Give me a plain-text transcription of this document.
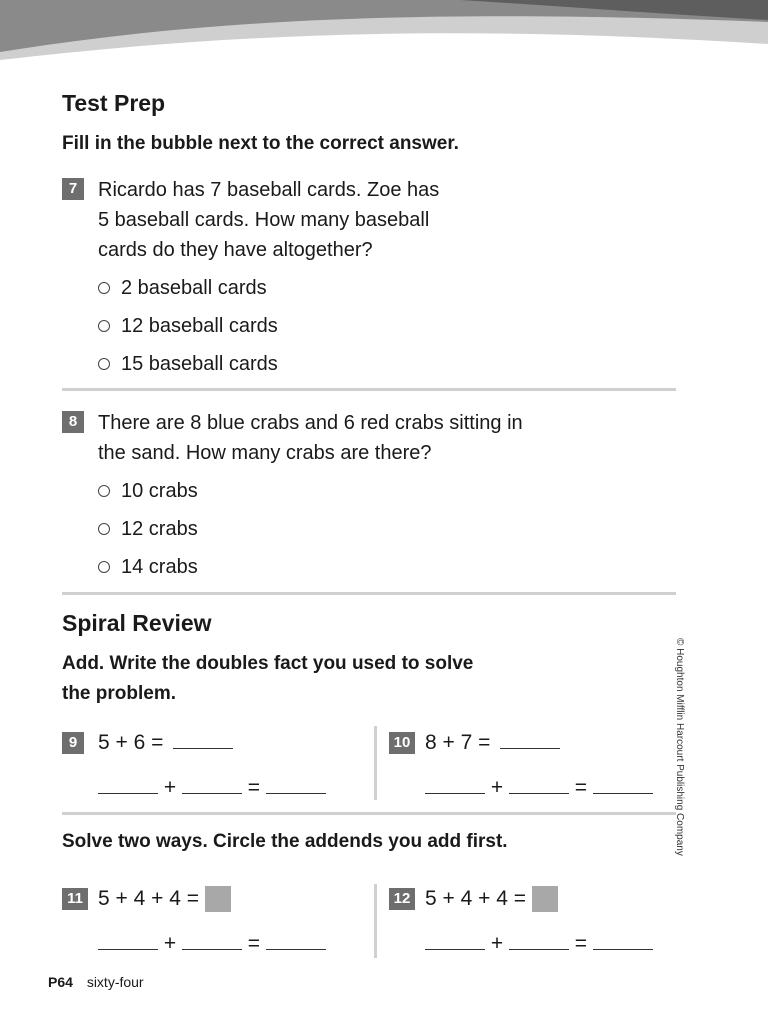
Test Prep
Fill in the bubble next to the correct answer.
7	Ricardo has 7 baseball cards. Zoe has
5 baseball cards. How many baseball
cards do they have altogether?
2 baseball cards
12 baseball cards
15 baseball cards
8	There are 8 blue crabs and 6 red crabs sitting in
the sand. How many crabs are there?
10 crabs
12 crabs
14 crabs
Spiral Review
Add. Write the doubles fact you used to solve
the problem.
9 5 + 6 =
+	=
10 8 + 7 =
+	=
Solve two ways. Circle the addends you add first.
11 5 + 4 + 4 =
+	=
12 5 + 4 + 4 =
+	=
© Houghton Mifflin Harcourt Publishing Company
P64 sixty-four
